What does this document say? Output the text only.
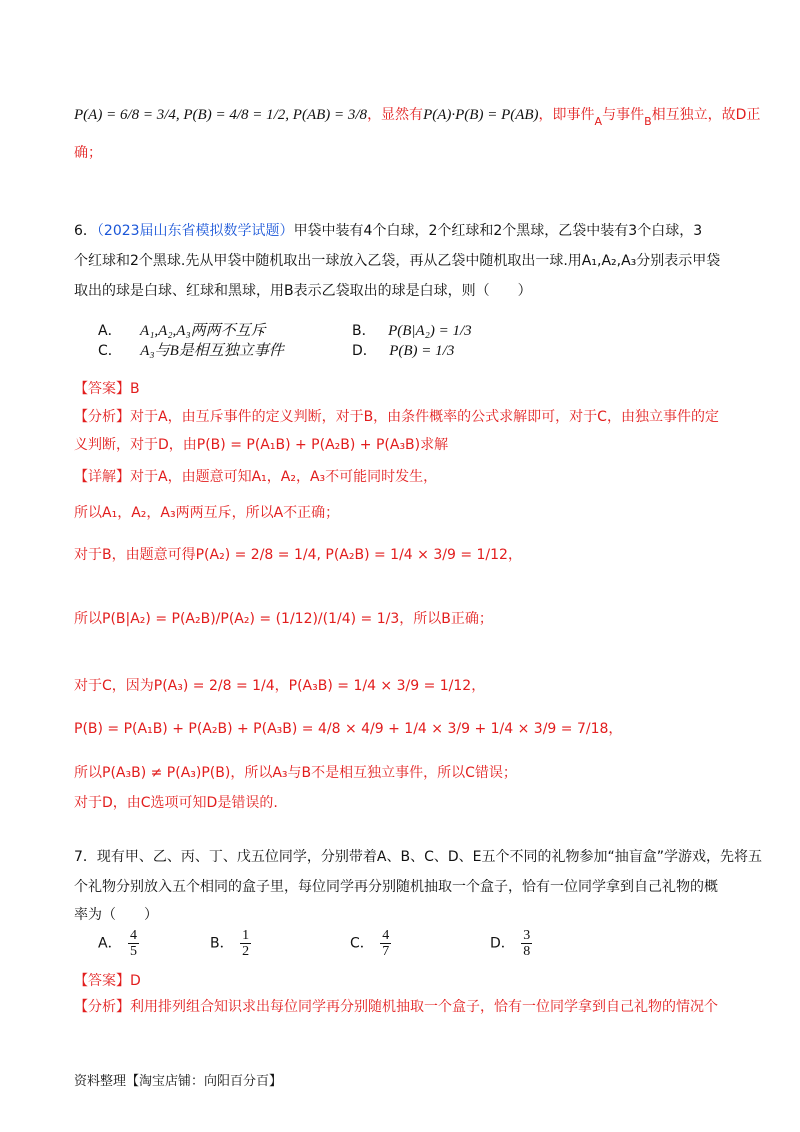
P(A) = 6/8 = 3/4, P(B) = 4/8 = 1/2, P(AB) = 3/8，显然有P(A)·P(B) = P(AB)，即事件$_A$与事件$_B$相互独立，故D正
确；
6．（2023届山东省模拟数学试题）甲袋中装有4个白球，2个红球和2个黑球，乙袋中装有3个白球，3
个红球和2个黑球.先从甲袋中随机取出一球放入乙袋，再从乙袋中随机取出一球.用A₁,A₂,A₃分别表示甲袋
取出的球是白球、红球和黑球，用B表示乙袋取出的球是白球，则（　　）
A． A₁,A₂,A₃两两不互斥	B． P(B|A₂) = 1/3
C． A₃与B是相互独立事件	D． P(B) = 1/3
【答案】B
【分析】对于A，由互斥事件的定义判断，对于B，由条件概率的公式求解即可，对于C，由独立事件的定
义判断，对于D，由P(B) = P(A₁B) + P(A₂B) + P(A₃B)求解
【详解】对于A，由题意可知A₁，A₂，A₃不可能同时发生，
所以A₁，A₂，A₃两两互斥，所以A不正确；
对于B，由题意可得P(A₂) = 2/8 = 1/4, P(A₂B) = 1/4 × 3/9 = 1/12，
所以P(B|A₂) = P(A₂B)/P(A₂) = (1/12)/(1/4) = 1/3，所以B正确；
对于C，因为P(A₃) = 2/8 = 1/4，P(A₃B) = 1/4 × 3/9 = 1/12，
P(B) = P(A₁B) + P(A₂B) + P(A₃B) = 4/8 × 4/9 + 1/4 × 3/9 + 1/4 × 3/9 = 7/18，
所以P(A₃B) ≠ P(A₃)P(B)，所以A₃与B不是相互独立事件，所以C错误；
对于D，由C选项可知D是错误的.
7．现有甲、乙、丙、丁、戊五位同学，分别带着A、B、C、D、E五个不同的礼物参加“抽盲盒”学游戏，先将五
个礼物分别放入五个相同的盒子里，每位同学再分别随机抽取一个盒子，恰有一位同学拿到自己礼物的概
率为（　　）
A． $\frac{4}{5}$	B． $\frac{1}{2}$	C． $\frac{4}{7}$	D． $\frac{3}{8}$
【答案】D
【分析】利用排列组合知识求出每位同学再分别随机抽取一个盒子，恰有一位同学拿到自己礼物的情况个
资料整理【淘宝店铺：向阳百分百】
